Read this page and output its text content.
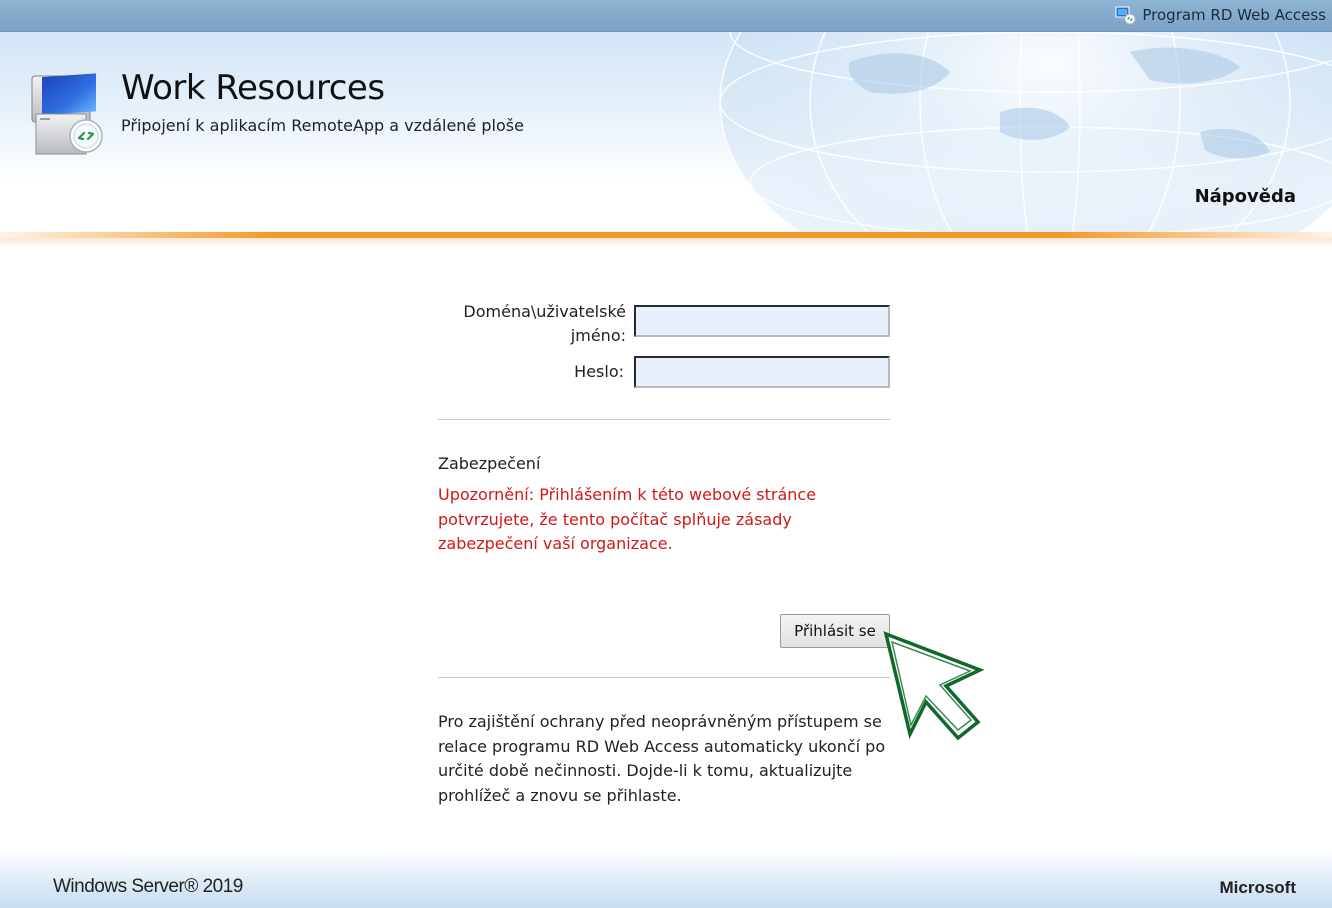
Program RD Web Access
Work Resources
Připojení k aplikacím RemoteApp a vzdálené ploše
Nápověda
Doména\uživatelské jméno:
Heslo:
Zabezpečení
Upozornění: Přihlášením k této webové stránce potvrzujete, že tento počítač splňuje zásady zabezpečení vaší organizace.
Přihlásit se
Pro zajištění ochrany před neoprávněným přístupem se relace programu RD Web Access automaticky ukončí po určité době nečinnosti. Dojde-li k tomu, aktualizujte prohlížeč a znovu se přihlaste.
Windows Server® 2019	Microsoft
